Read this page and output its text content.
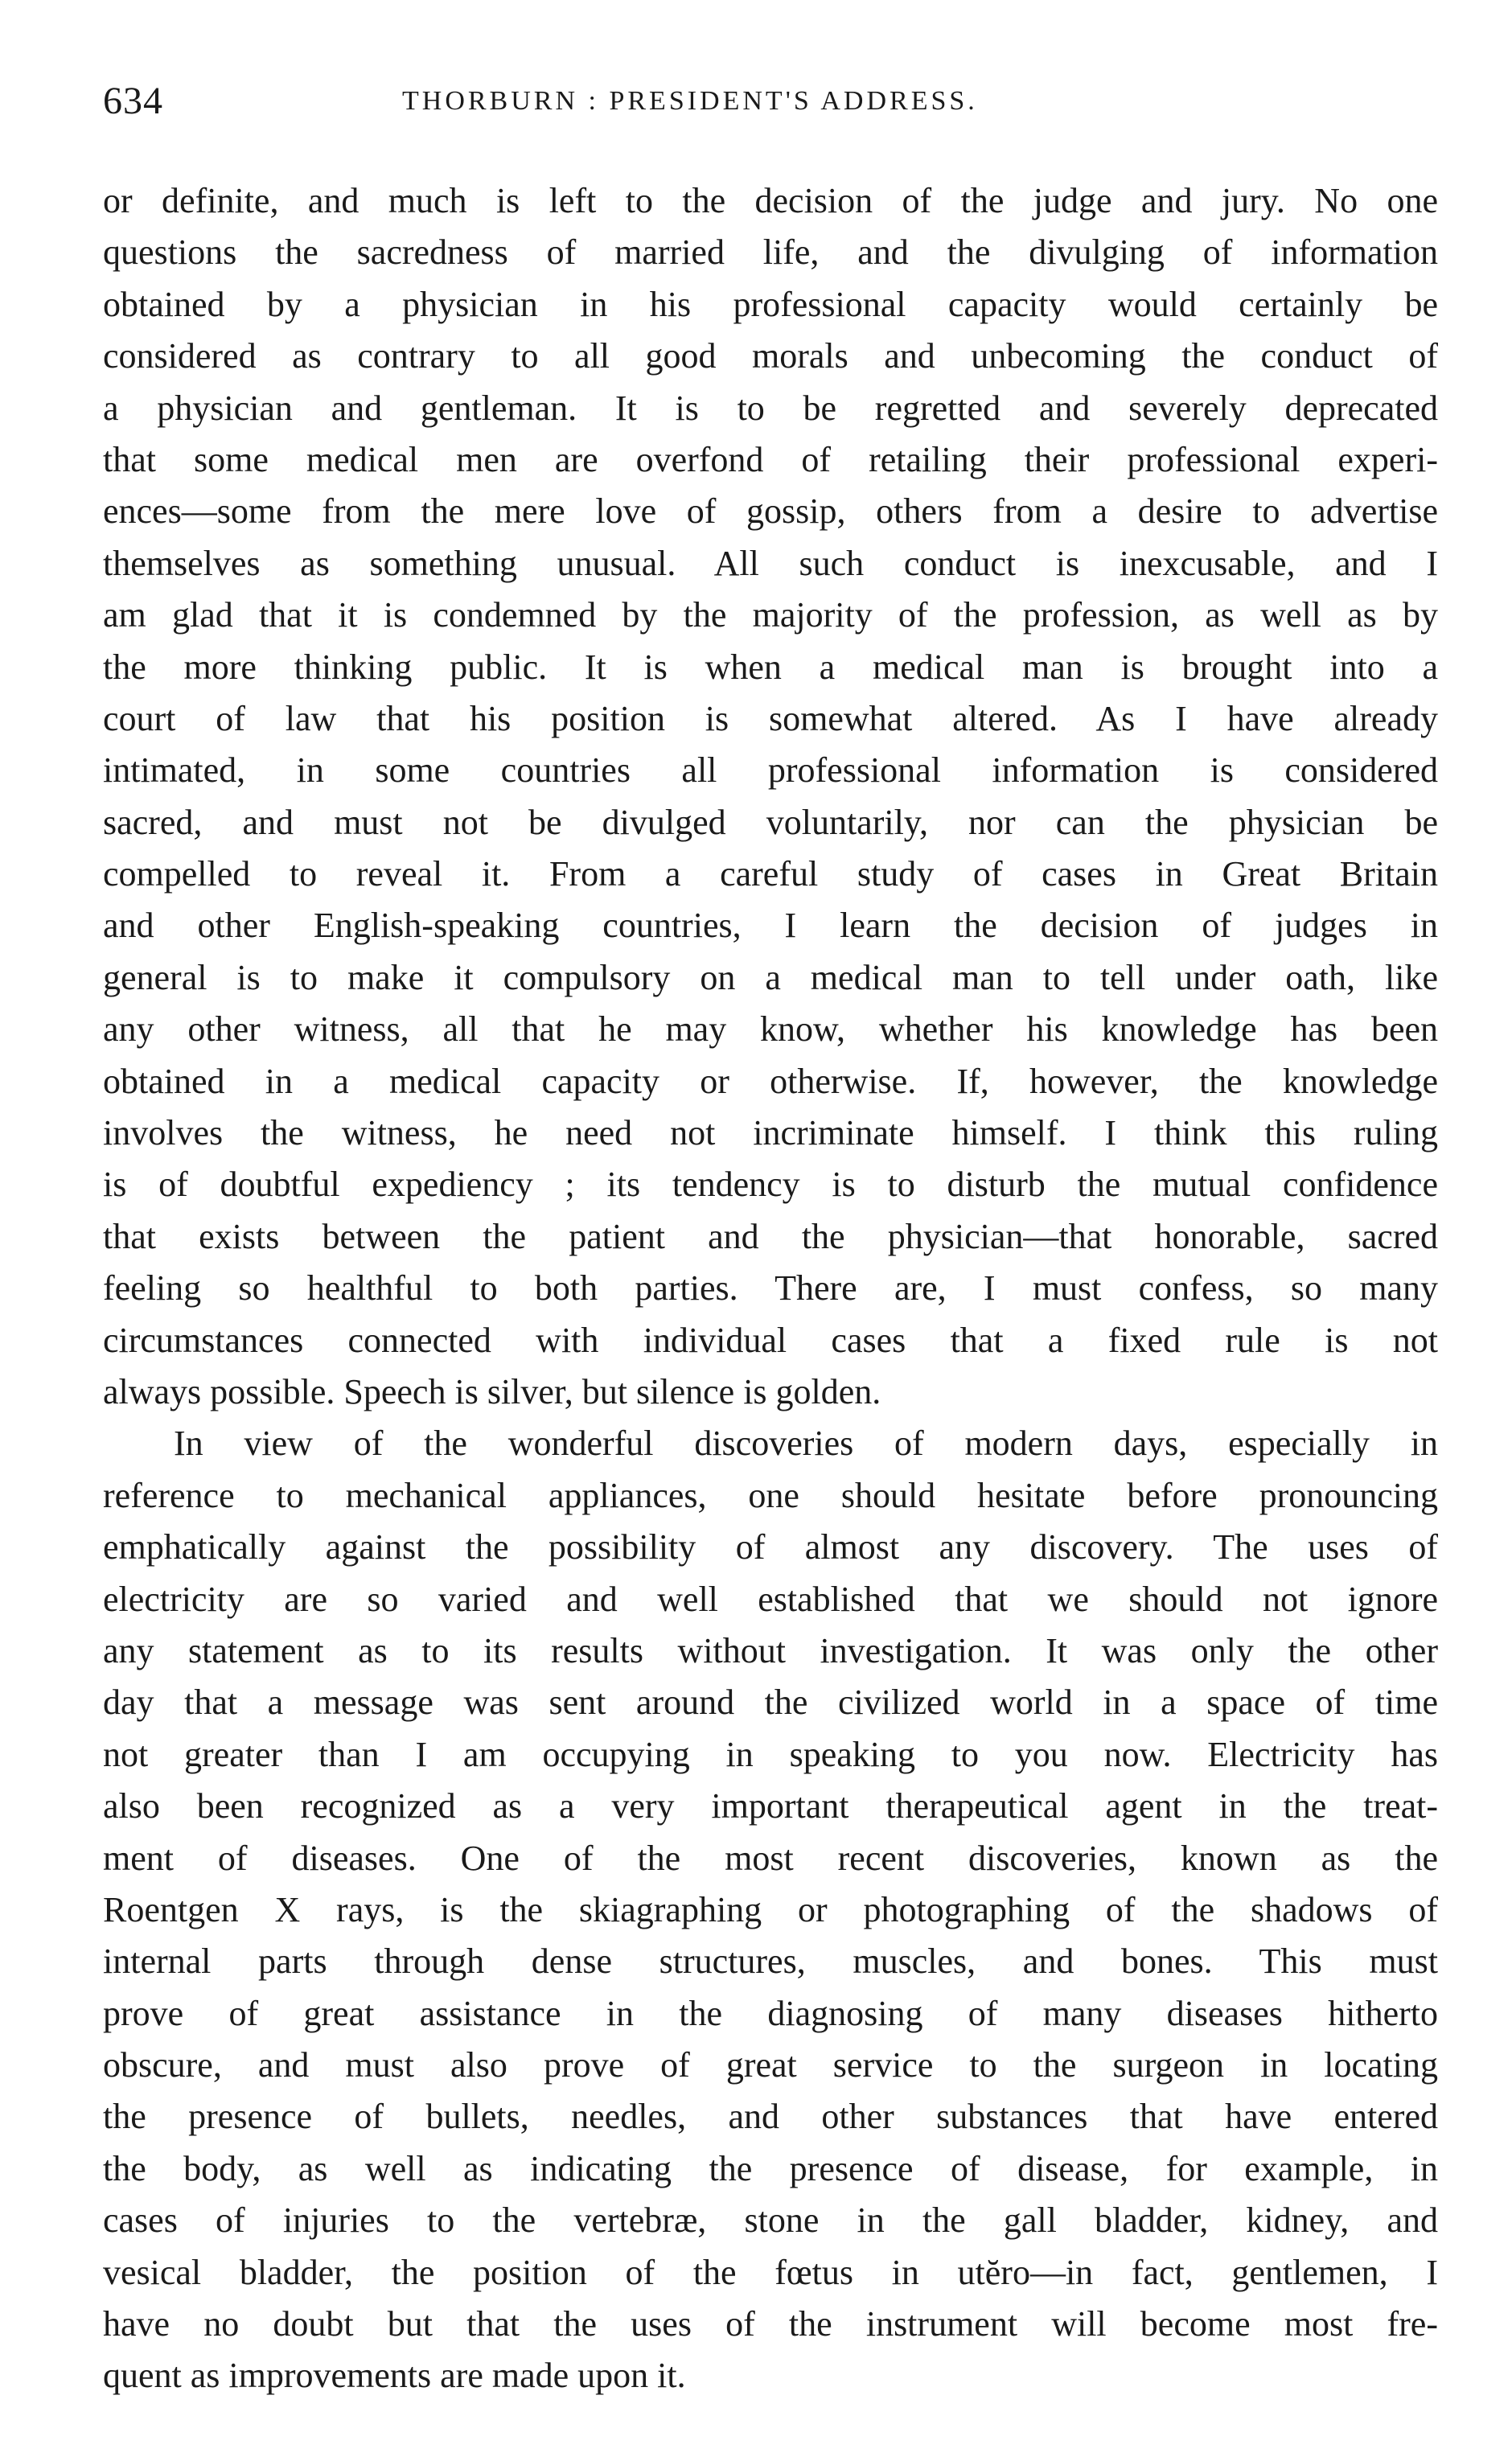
634	THORBURN : PRESIDENT'S ADDRESS.
or definite, and much is left to the decision of the judge and jury. No one
questions the sacredness of married life, and the divulging of information
obtained by a physician in his professional capacity would certainly be
considered as contrary to all good morals and unbecoming the conduct of
a physician and gentleman. It is to be regretted and severely deprecated
that some medical men are overfond of retailing their professional experi-
ences—some from the mere love of gossip, others from a desire to advertise
themselves as something unusual. All such conduct is inexcusable, and I
am glad that it is condemned by the majority of the profession, as well as by
the more thinking public. It is when a medical man is brought into a
court of law that his position is somewhat altered. As I have already
intimated, in some countries all professional information is considered
sacred, and must not be divulged voluntarily, nor can the physician be
compelled to reveal it. From a careful study of cases in Great Britain
and other English-speaking countries, I learn the decision of judges in
general is to make it compulsory on a medical man to tell under oath, like
any other witness, all that he may know, whether his knowledge has been
obtained in a medical capacity or otherwise. If, however, the knowledge
involves the witness, he need not incriminate himself. I think this ruling
is of doubtful expediency ; its tendency is to disturb the mutual confidence
that exists between the patient and the physician—that honorable, sacred
feeling so healthful to both parties. There are, I must confess, so many
circumstances connected with individual cases that a fixed rule is not
always possible. Speech is silver, but silence is golden.
In view of the wonderful discoveries of modern days, especially in
reference to mechanical appliances, one should hesitate before pronouncing
emphatically against the possibility of almost any discovery. The uses of
electricity are so varied and well established that we should not ignore
any statement as to its results without investigation. It was only the other
day that a message was sent around the civilized world in a space of time
not greater than I am occupying in speaking to you now. Electricity has
also been recognized as a very important therapeutical agent in the treat-
ment of diseases. One of the most recent discoveries, known as the
Roentgen X rays, is the skiagraphing or photographing of the shadows of
internal parts through dense structures, muscles, and bones. This must
prove of great assistance in the diagnosing of many diseases hitherto
obscure, and must also prove of great service to the surgeon in locating
the presence of bullets, needles, and other substances that have entered
the body, as well as indicating the presence of disease, for example, in
cases of injuries to the vertebræ, stone in the gall bladder, kidney, and
vesical bladder, the position of the fœtus in utĕro—in fact, gentlemen, I
have no doubt but that the uses of the instrument will become most fre-
quent as improvements are made upon it.
